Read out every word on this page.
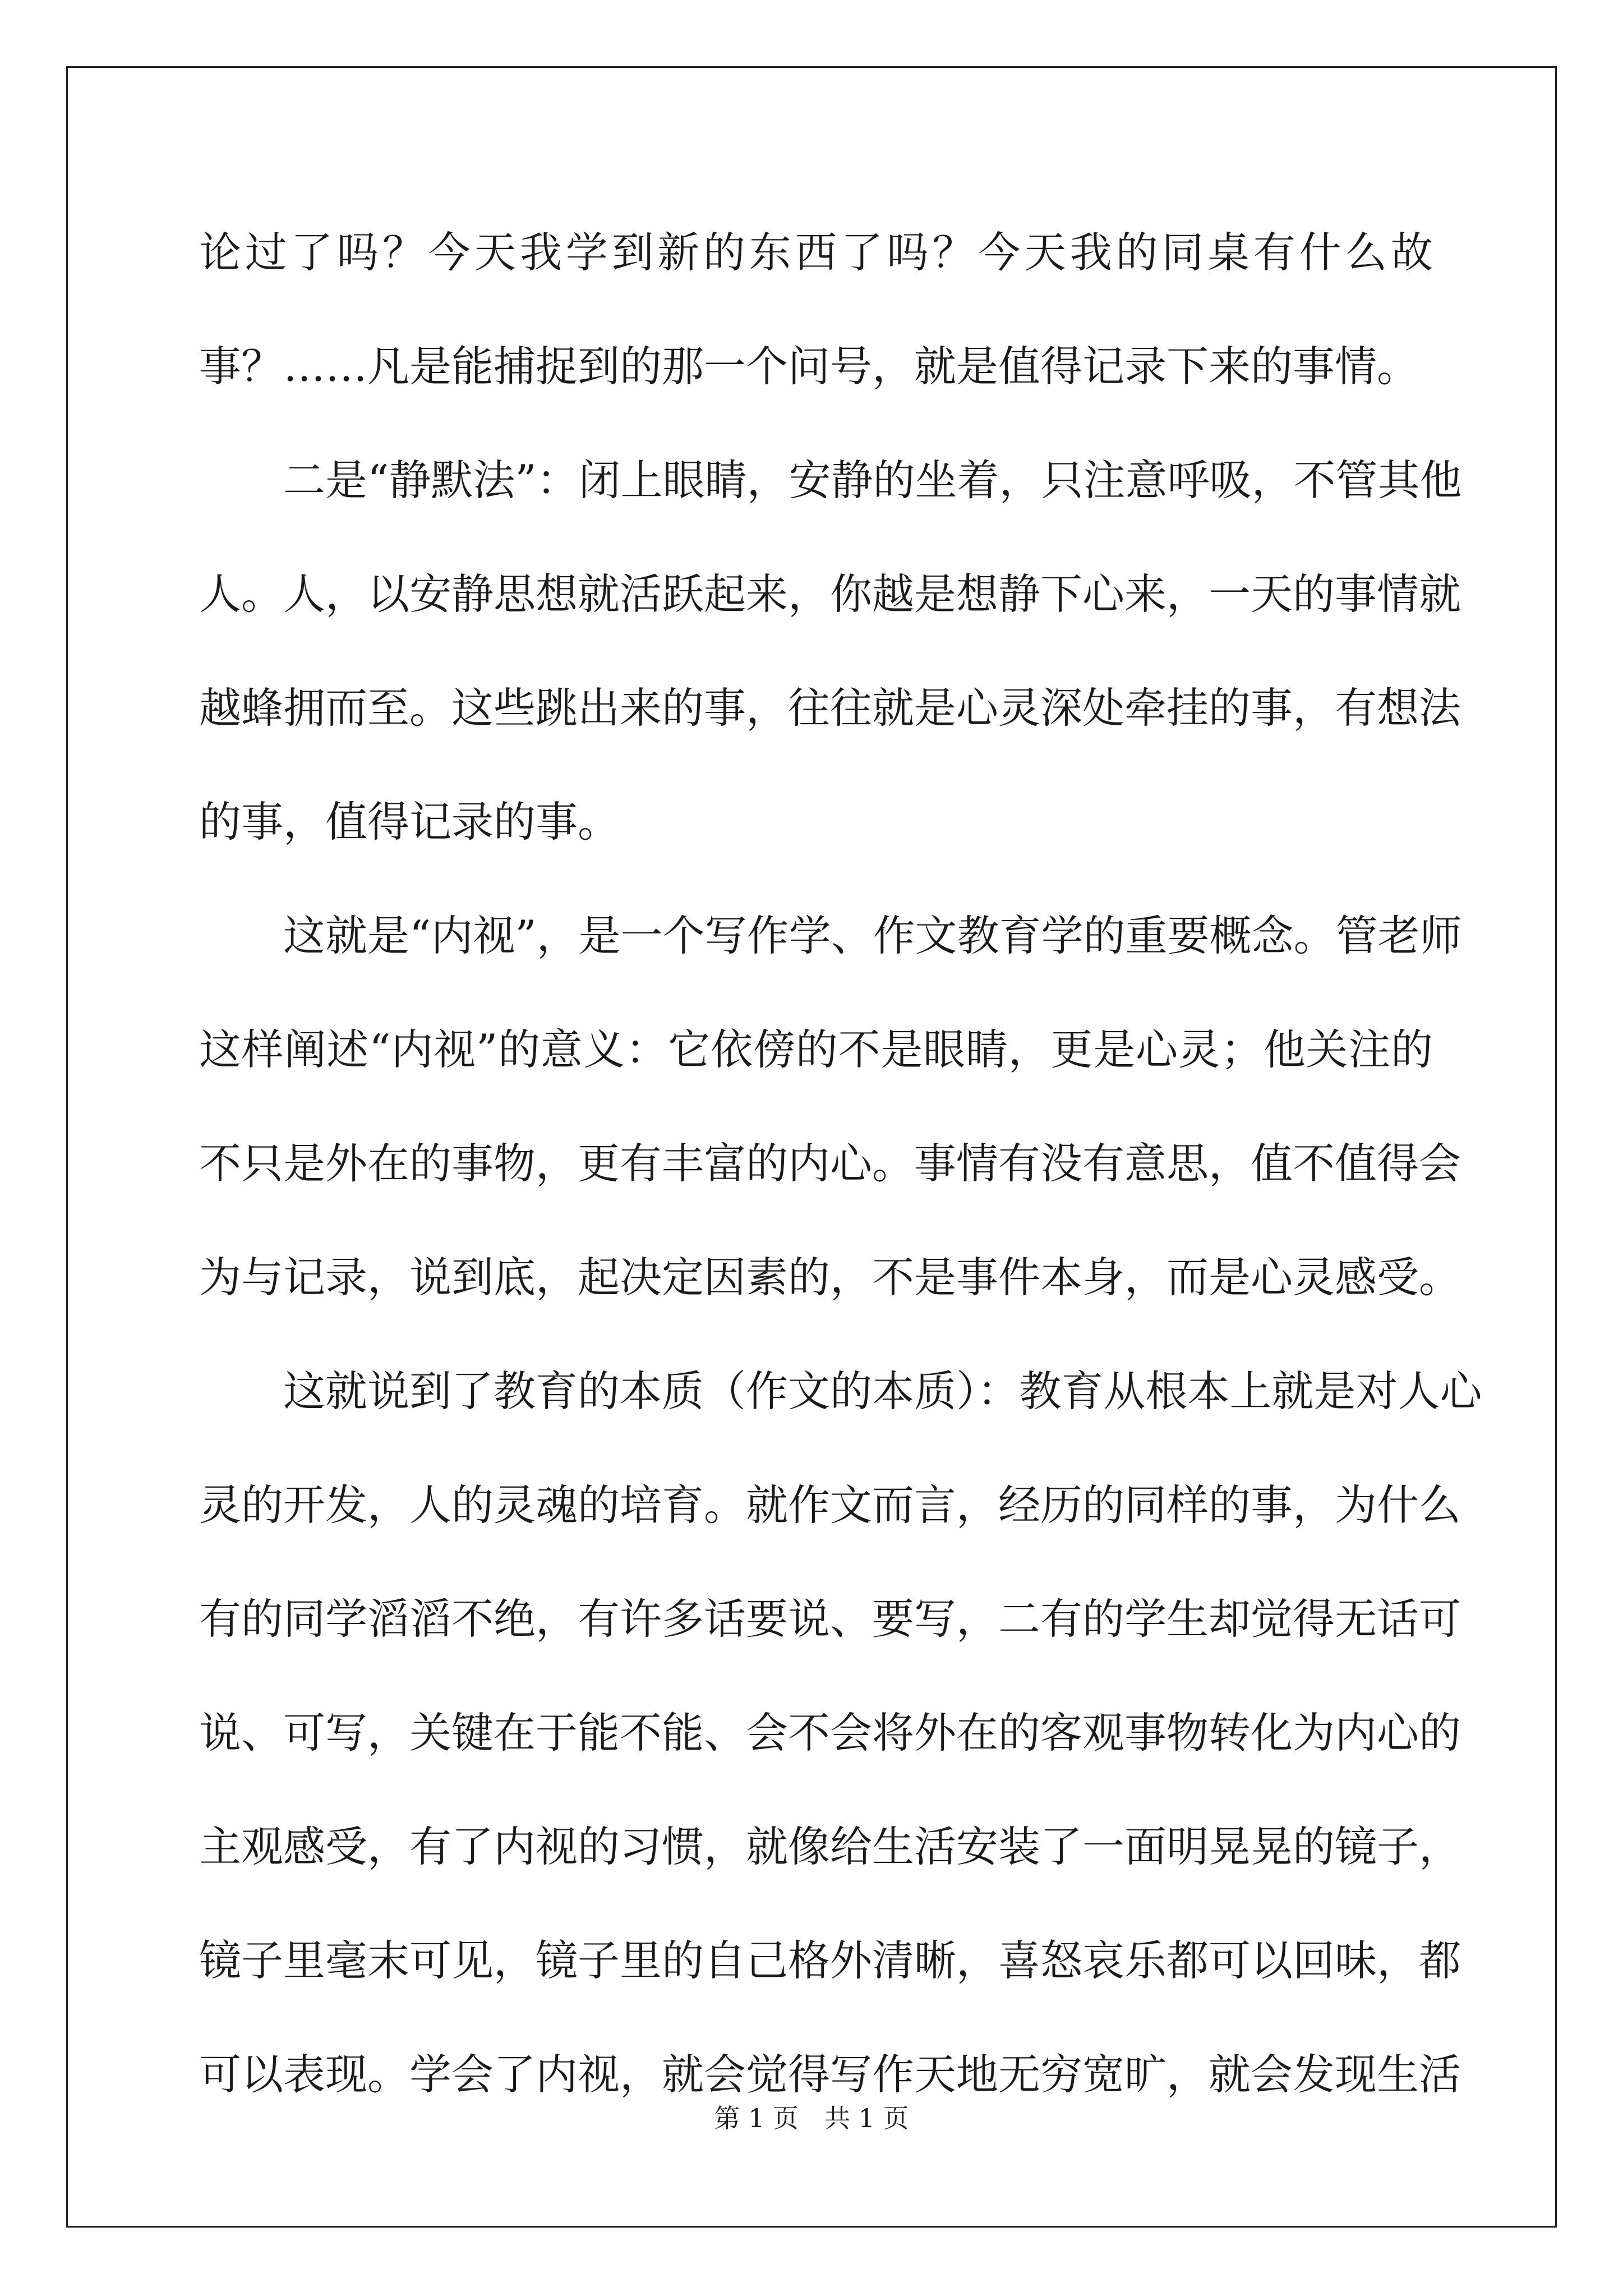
论过了吗？今天我学到新的东西了吗？今天我的同桌有什么故
事？……凡是能捕捉到的那一个问号，就是值得记录下来的事情。
二是“静默法”：闭上眼睛，安静的坐着，只注意呼吸，不管其他
人。人，以安静思想就活跃起来，你越是想静下心来，一天的事情就
越蜂拥而至。这些跳出来的事，往往就是心灵深处牵挂的事，有想法
的事，值得记录的事。
这就是“内视”，是一个写作学、作文教育学的重要概念。管老师
这样阐述“内视”的意义：它依傍的不是眼睛，更是心灵；他关注的
不只是外在的事物，更有丰富的内心。事情有没有意思，值不值得会
为与记录，说到底，起决定因素的，不是事件本身，而是心灵感受。
这就说到了教育的本质（作文的本质）：教育从根本上就是对人心
灵的开发，人的灵魂的培育。就作文而言，经历的同样的事，为什么
有的同学滔滔不绝，有许多话要说、要写，二有的学生却觉得无话可
说、可写，关键在于能不能、会不会将外在的客观事物转化为内心的
主观感受，有了内视的习惯，就像给生活安装了一面明晃晃的镜子，
镜子里毫末可见，镜子里的自己格外清晰，喜怒哀乐都可以回味，都
可以表现。学会了内视，就会觉得写作天地无穷宽旷，就会发现生活
第 1 页　共 1 页
